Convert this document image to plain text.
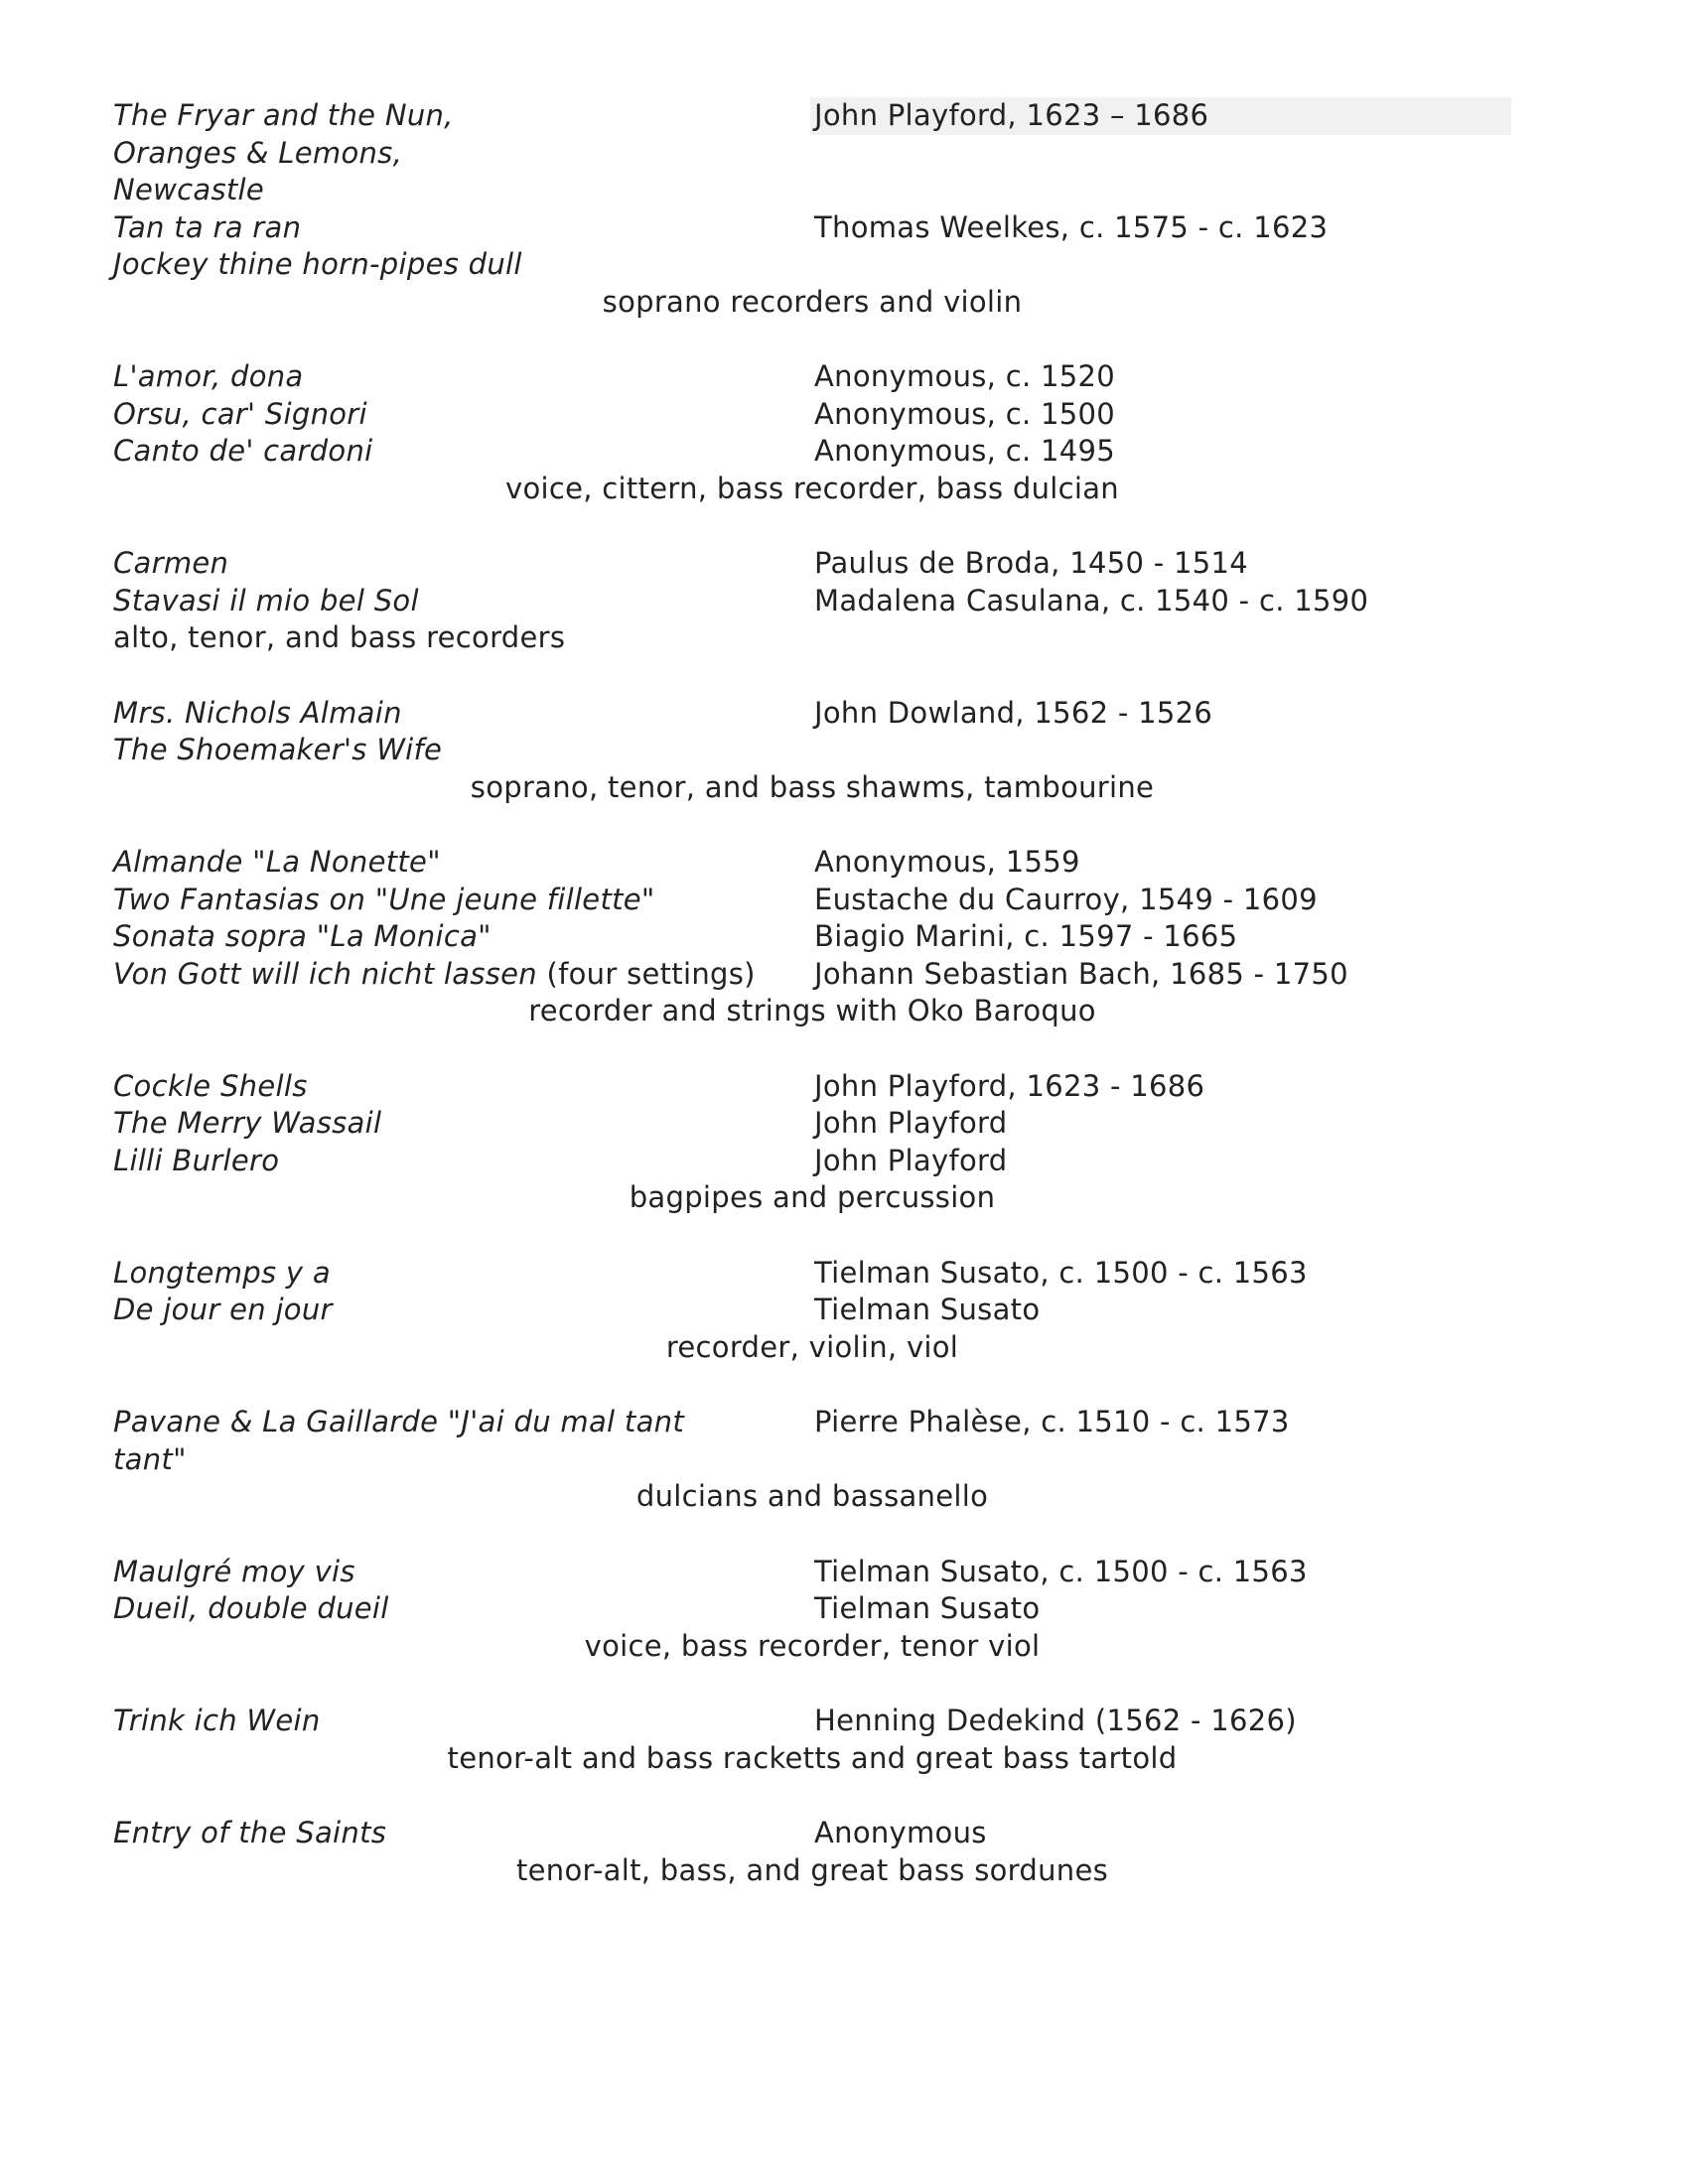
The Fryar and the Nun,	John Playford, 1623 – 1686
Oranges & Lemons,
Newcastle
Tan ta ra ran	Thomas Weelkes, c. 1575 - c. 1623
Jockey thine horn-pipes dull
soprano recorders and violin
L'amor, dona	Anonymous, c. 1520
Orsu, car' Signori	Anonymous, c. 1500
Canto de' cardoni	Anonymous, c. 1495
voice, cittern, bass recorder, bass dulcian
Carmen	Paulus de Broda, 1450 - 1514
Stavasi il mio bel Sol	Madalena Casulana, c. 1540 - c. 1590
alto, tenor, and bass recorders
Mrs. Nichols Almain	John Dowland, 1562 - 1526
The Shoemaker's Wife
soprano, tenor, and bass shawms, tambourine
Almande "La Nonette"	Anonymous, 1559
Two Fantasias on "Une jeune fillette"	Eustache du Caurroy, 1549 - 1609
Sonata sopra "La Monica"	Biagio Marini, c. 1597 - 1665
Von Gott will ich nicht lassen (four settings)	Johann Sebastian Bach, 1685 - 1750
recorder and strings with Oko Baroquo
Cockle Shells	John Playford, 1623 - 1686
The Merry Wassail	John Playford
Lilli Burlero	John Playford
bagpipes and percussion
Longtemps y a	Tielman Susato, c. 1500 - c. 1563
De jour en jour	Tielman Susato
recorder, violin, viol
Pavane & La Gaillarde "J'ai du mal tant	Pierre Phalèse, c. 1510 - c. 1573
tant"
dulcians and bassanello
Maulgré moy vis	Tielman Susato, c. 1500 - c. 1563
Dueil, double dueil	Tielman Susato
voice, bass recorder, tenor viol
Trink ich Wein	Henning Dedekind (1562 - 1626)
tenor-alt and bass racketts and great bass tartold
Entry of the Saints	Anonymous
tenor-alt, bass, and great bass sordunes
